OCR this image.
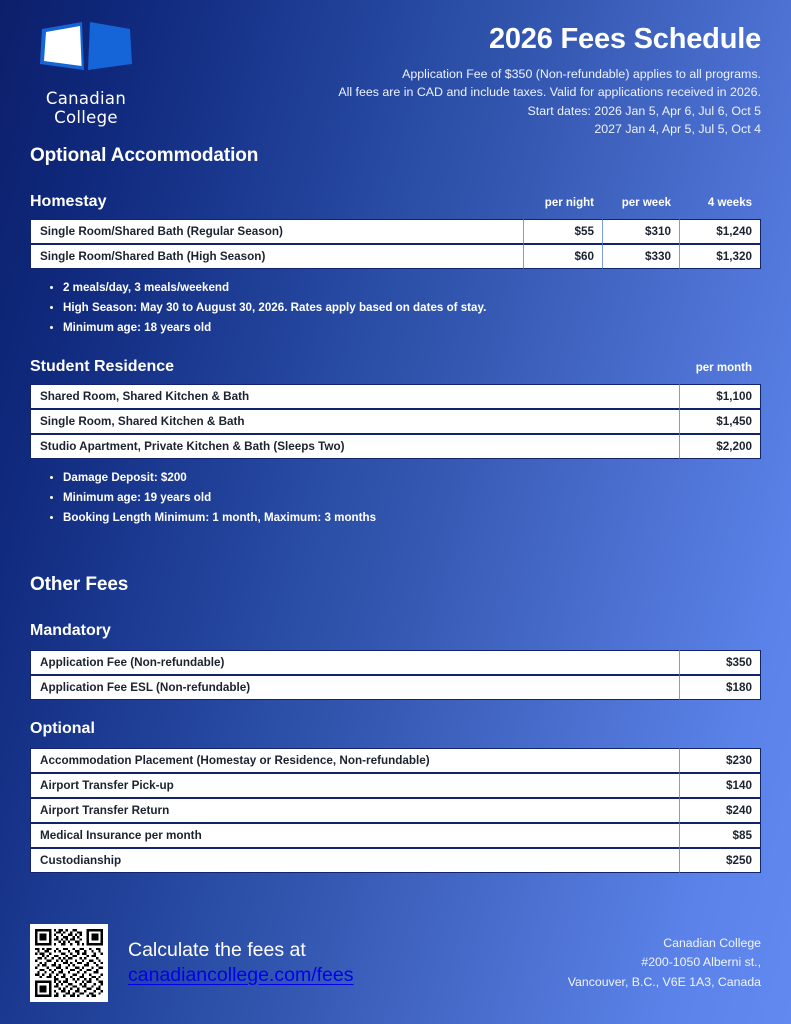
Canadian
College
2026 Fees Schedule
Application Fee of $350 (Non-refundable) applies to all programs.
All fees are in CAD and include taxes. Valid for applications received in 2026.
Start dates: 2026 Jan 5, Apr 6, Jul 6, Oct 5
2027 Jan 4, Apr 5, Jul 5, Oct 4
Optional Accommodation
Homestay	per night	per week	4 weeks
Single Room/Shared Bath (Regular Season)	$55	$310	$1,240
Single Room/Shared Bath (High Season)	$60	$330	$1,320
2 meals/day, 3 meals/weekend
High Season: May 30 to August 30, 2026. Rates apply based on dates of stay.
Minimum age: 18 years old
Student Residence	per month
Shared Room, Shared Kitchen & Bath	$1,100
Single Room, Shared Kitchen & Bath	$1,450
Studio Apartment, Private Kitchen & Bath (Sleeps Two)	$2,200
Damage Deposit: $200
Minimum age: 19 years old
Booking Length Minimum: 1 month, Maximum: 3 months
Other Fees
Mandatory
Application Fee (Non-refundable)	$350
Application Fee ESL (Non-refundable)	$180
Optional
Accommodation Placement (Homestay or Residence, Non-refundable)	$230
Airport Transfer Pick-up	$140
Airport Transfer Return	$240
Medical Insurance per month	$85
Custodianship	$250
Calculate the fees at
canadiancollege.com/fees
Canadian College
#200-1050 Alberni st.,
Vancouver, B.C., V6E 1A3, Canada
